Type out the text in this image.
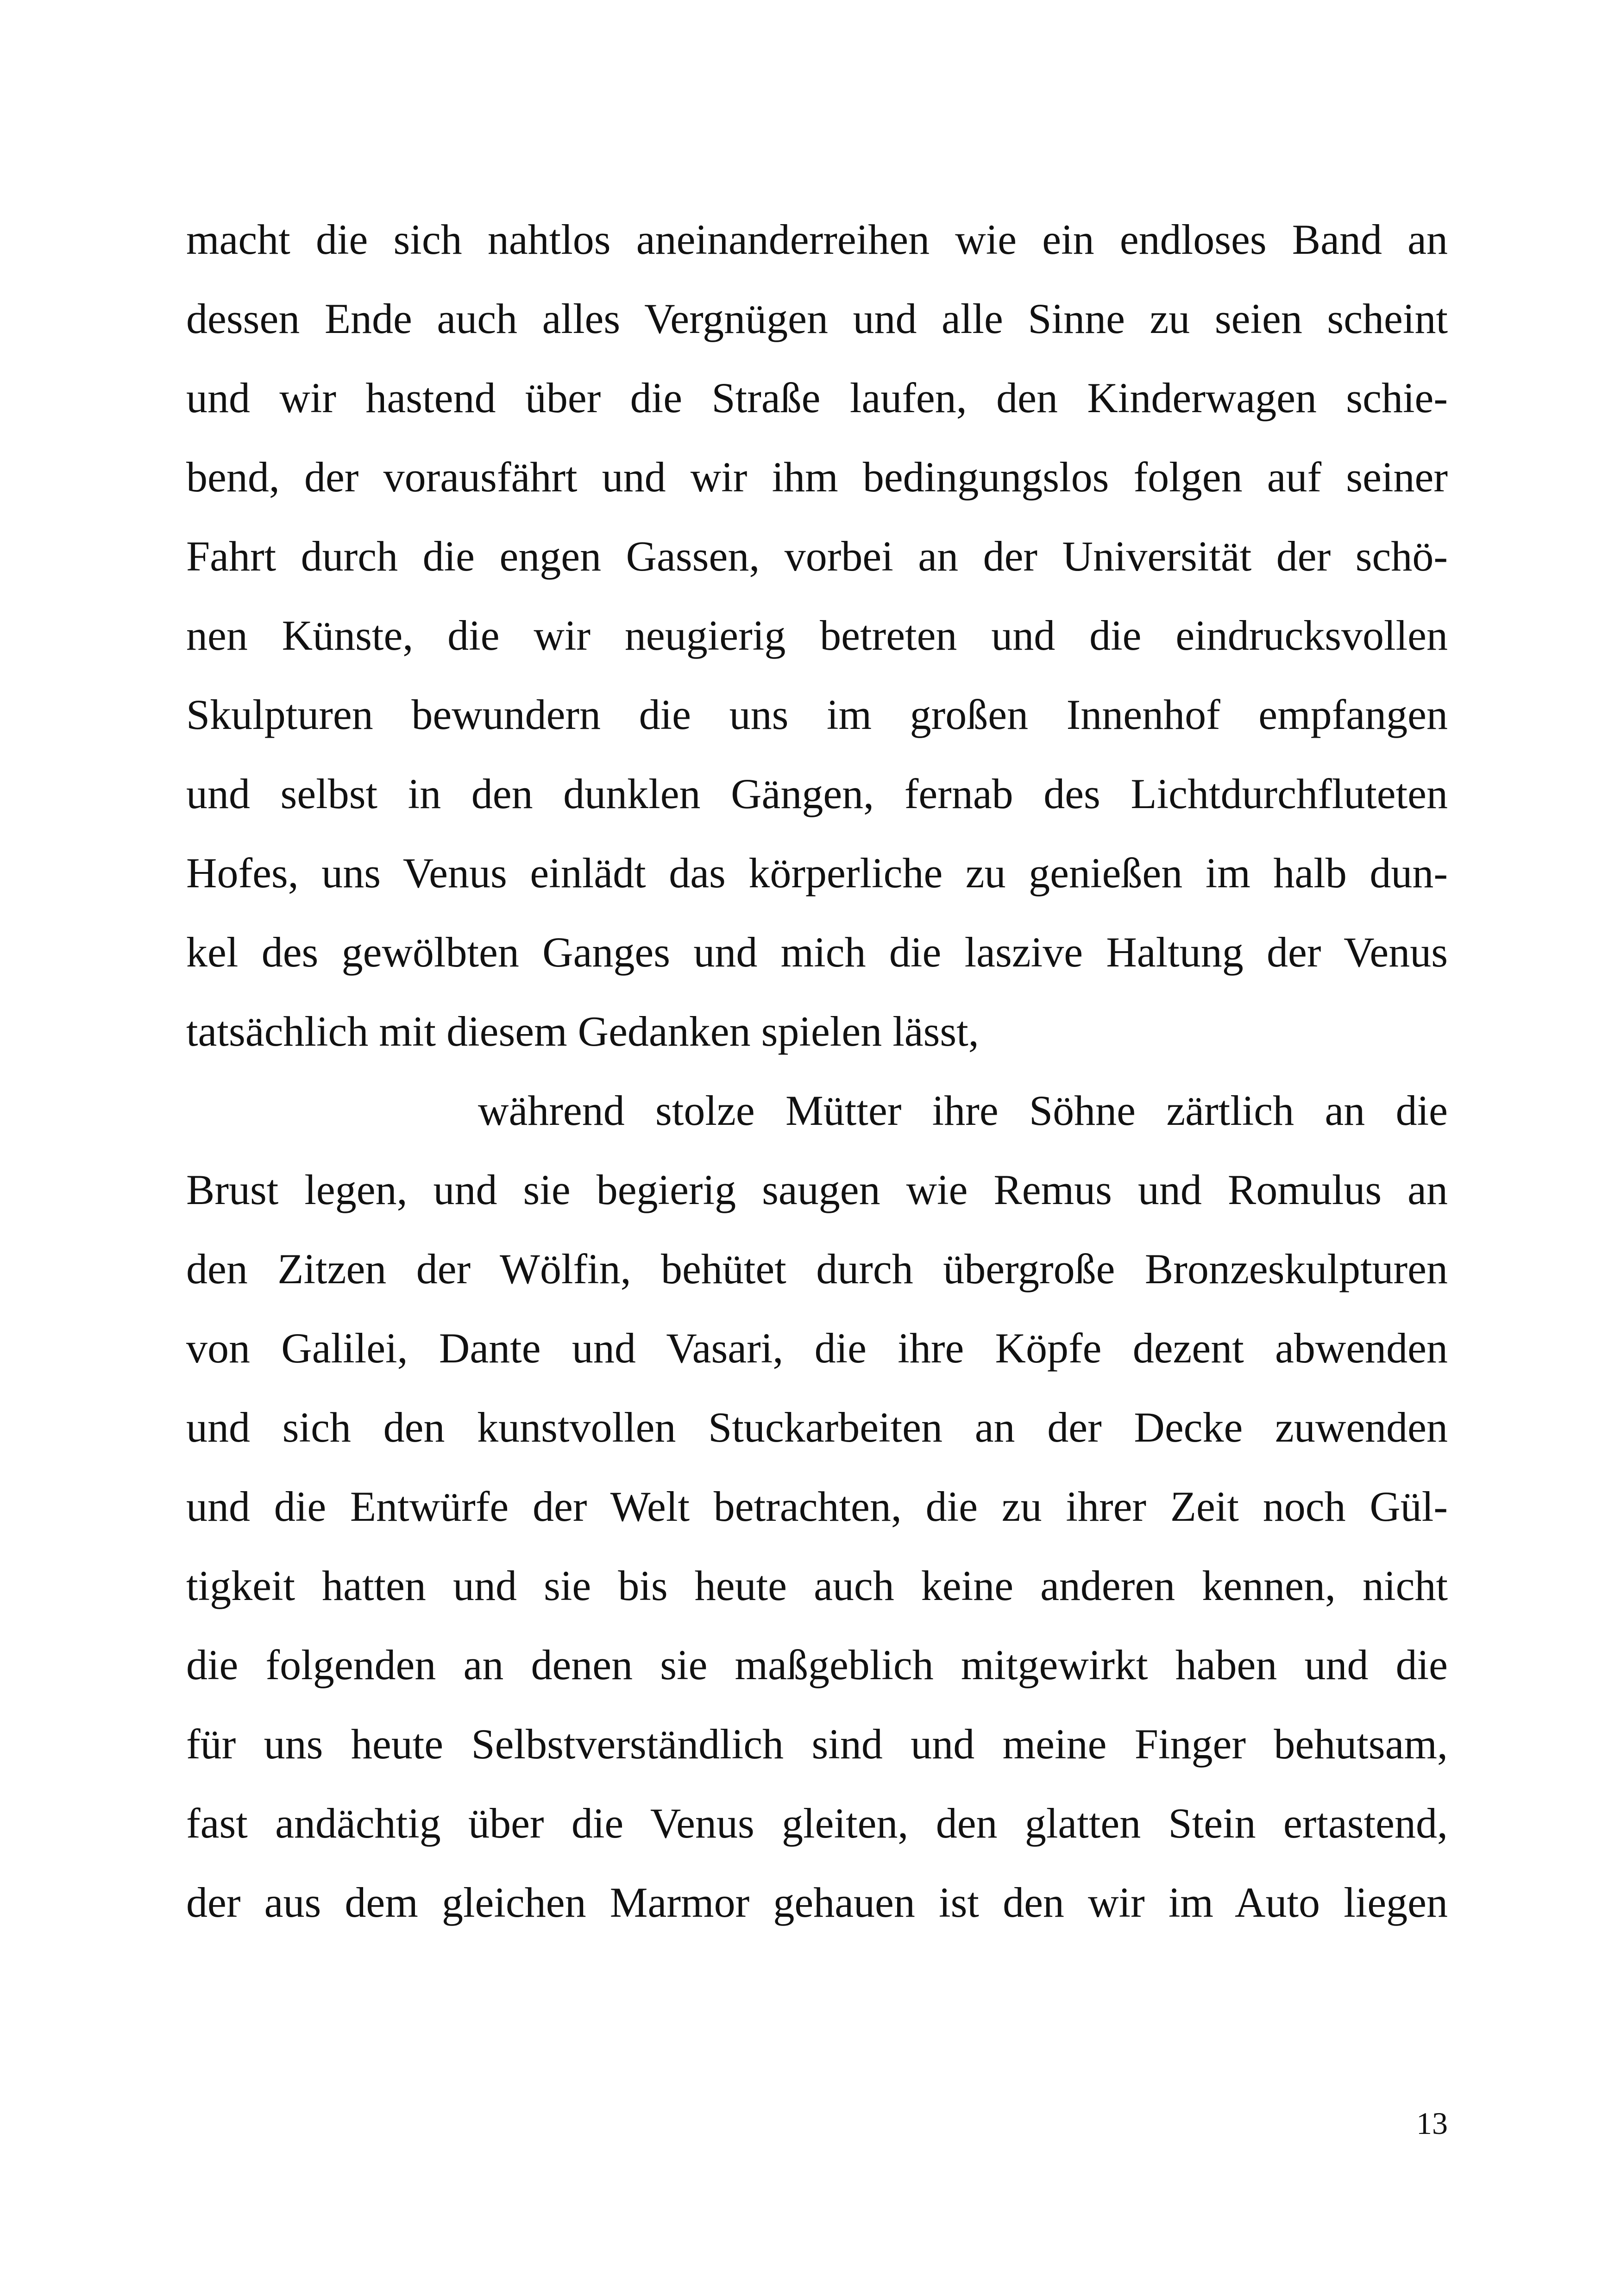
macht die sich nahtlos aneinanderreihen wie ein endloses Band an
dessen Ende auch alles Vergnügen und alle Sinne zu seien scheint
und wir hastend über die Straße laufen, den Kinderwagen schie-
bend, der vorausfährt und wir ihm bedingungslos folgen auf seiner
Fahrt durch die engen Gassen, vorbei an der Universität der schö-
nen Künste, die wir neugierig betreten und die eindrucksvollen
Skulpturen bewundern die uns im großen Innenhof empfangen
und selbst in den dunklen Gängen, fernab des Lichtdurchfluteten
Hofes, uns Venus einlädt das körperliche zu genießen im halb dun-
kel des gewölbten Ganges und mich die laszive Haltung der Venus
tatsächlich mit diesem Gedanken spielen lässt,
während stolze Mütter ihre Söhne zärtlich an die
Brust legen, und sie begierig saugen wie Remus und Romulus an
den Zitzen der Wölfin, behütet durch übergroße Bronzeskulpturen
von Galilei, Dante und Vasari, die ihre Köpfe dezent abwenden
und sich den kunstvollen Stuckarbeiten an der Decke zuwenden
und die Entwürfe der Welt betrachten, die zu ihrer Zeit noch Gül-
tigkeit hatten und sie bis heute auch keine anderen kennen, nicht
die folgenden an denen sie maßgeblich mitgewirkt haben und die
für uns heute Selbstverständlich sind und meine Finger behutsam,
fast andächtig über die Venus gleiten, den glatten Stein ertastend,
der aus dem gleichen Marmor gehauen ist den wir im Auto liegen
13
